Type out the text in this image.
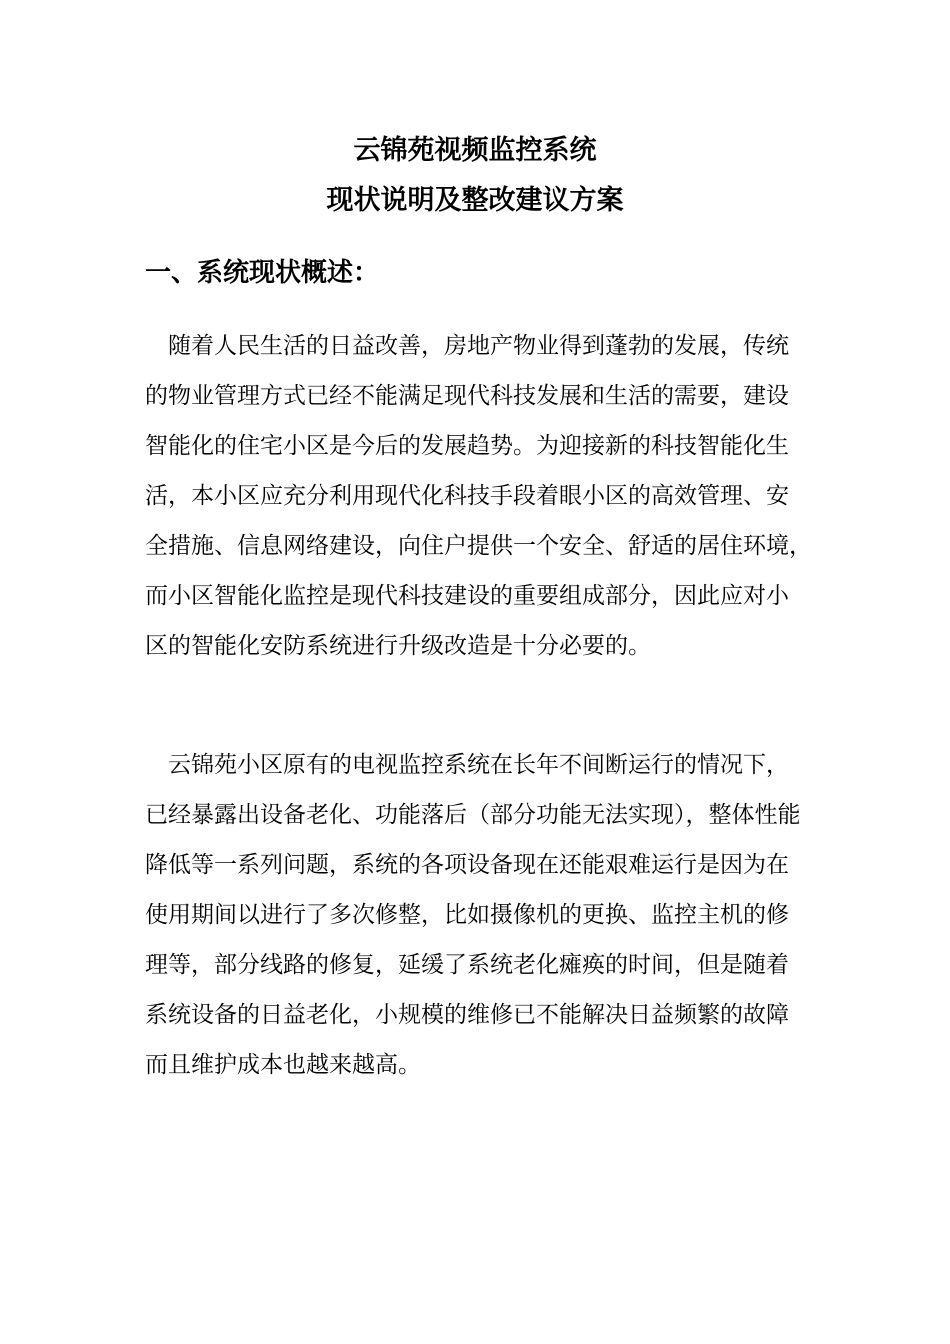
云锦苑视频监控系统
现状说明及整改建议方案
一、系统现状概述：
　随着人民生活的日益改善，房地产物业得到蓬勃的发展，传统
的物业管理方式已经不能满足现代科技发展和生活的需要，建设
智能化的住宅小区是今后的发展趋势。为迎接新的科技智能化生
活，本小区应充分利用现代化科技手段着眼小区的高效管理、安
全措施、信息网络建设，向住户提供一个安全、舒适的居住环境，
而小区智能化监控是现代科技建设的重要组成部分，因此应对小
区的智能化安防系统进行升级改造是十分必要的。
　云锦苑小区原有的电视监控系统在长年不间断运行的情况下，
已经暴露出设备老化、功能落后（部分功能无法实现），整体性能
降低等一系列问题，系统的各项设备现在还能艰难运行是因为在
使用期间以进行了多次修整，比如摄像机的更换、监控主机的修
理等，部分线路的修复，延缓了系统老化瘫痪的时间，但是随着
系统设备的日益老化，小规模的维修已不能解决日益频繁的故障
而且维护成本也越来越高。
